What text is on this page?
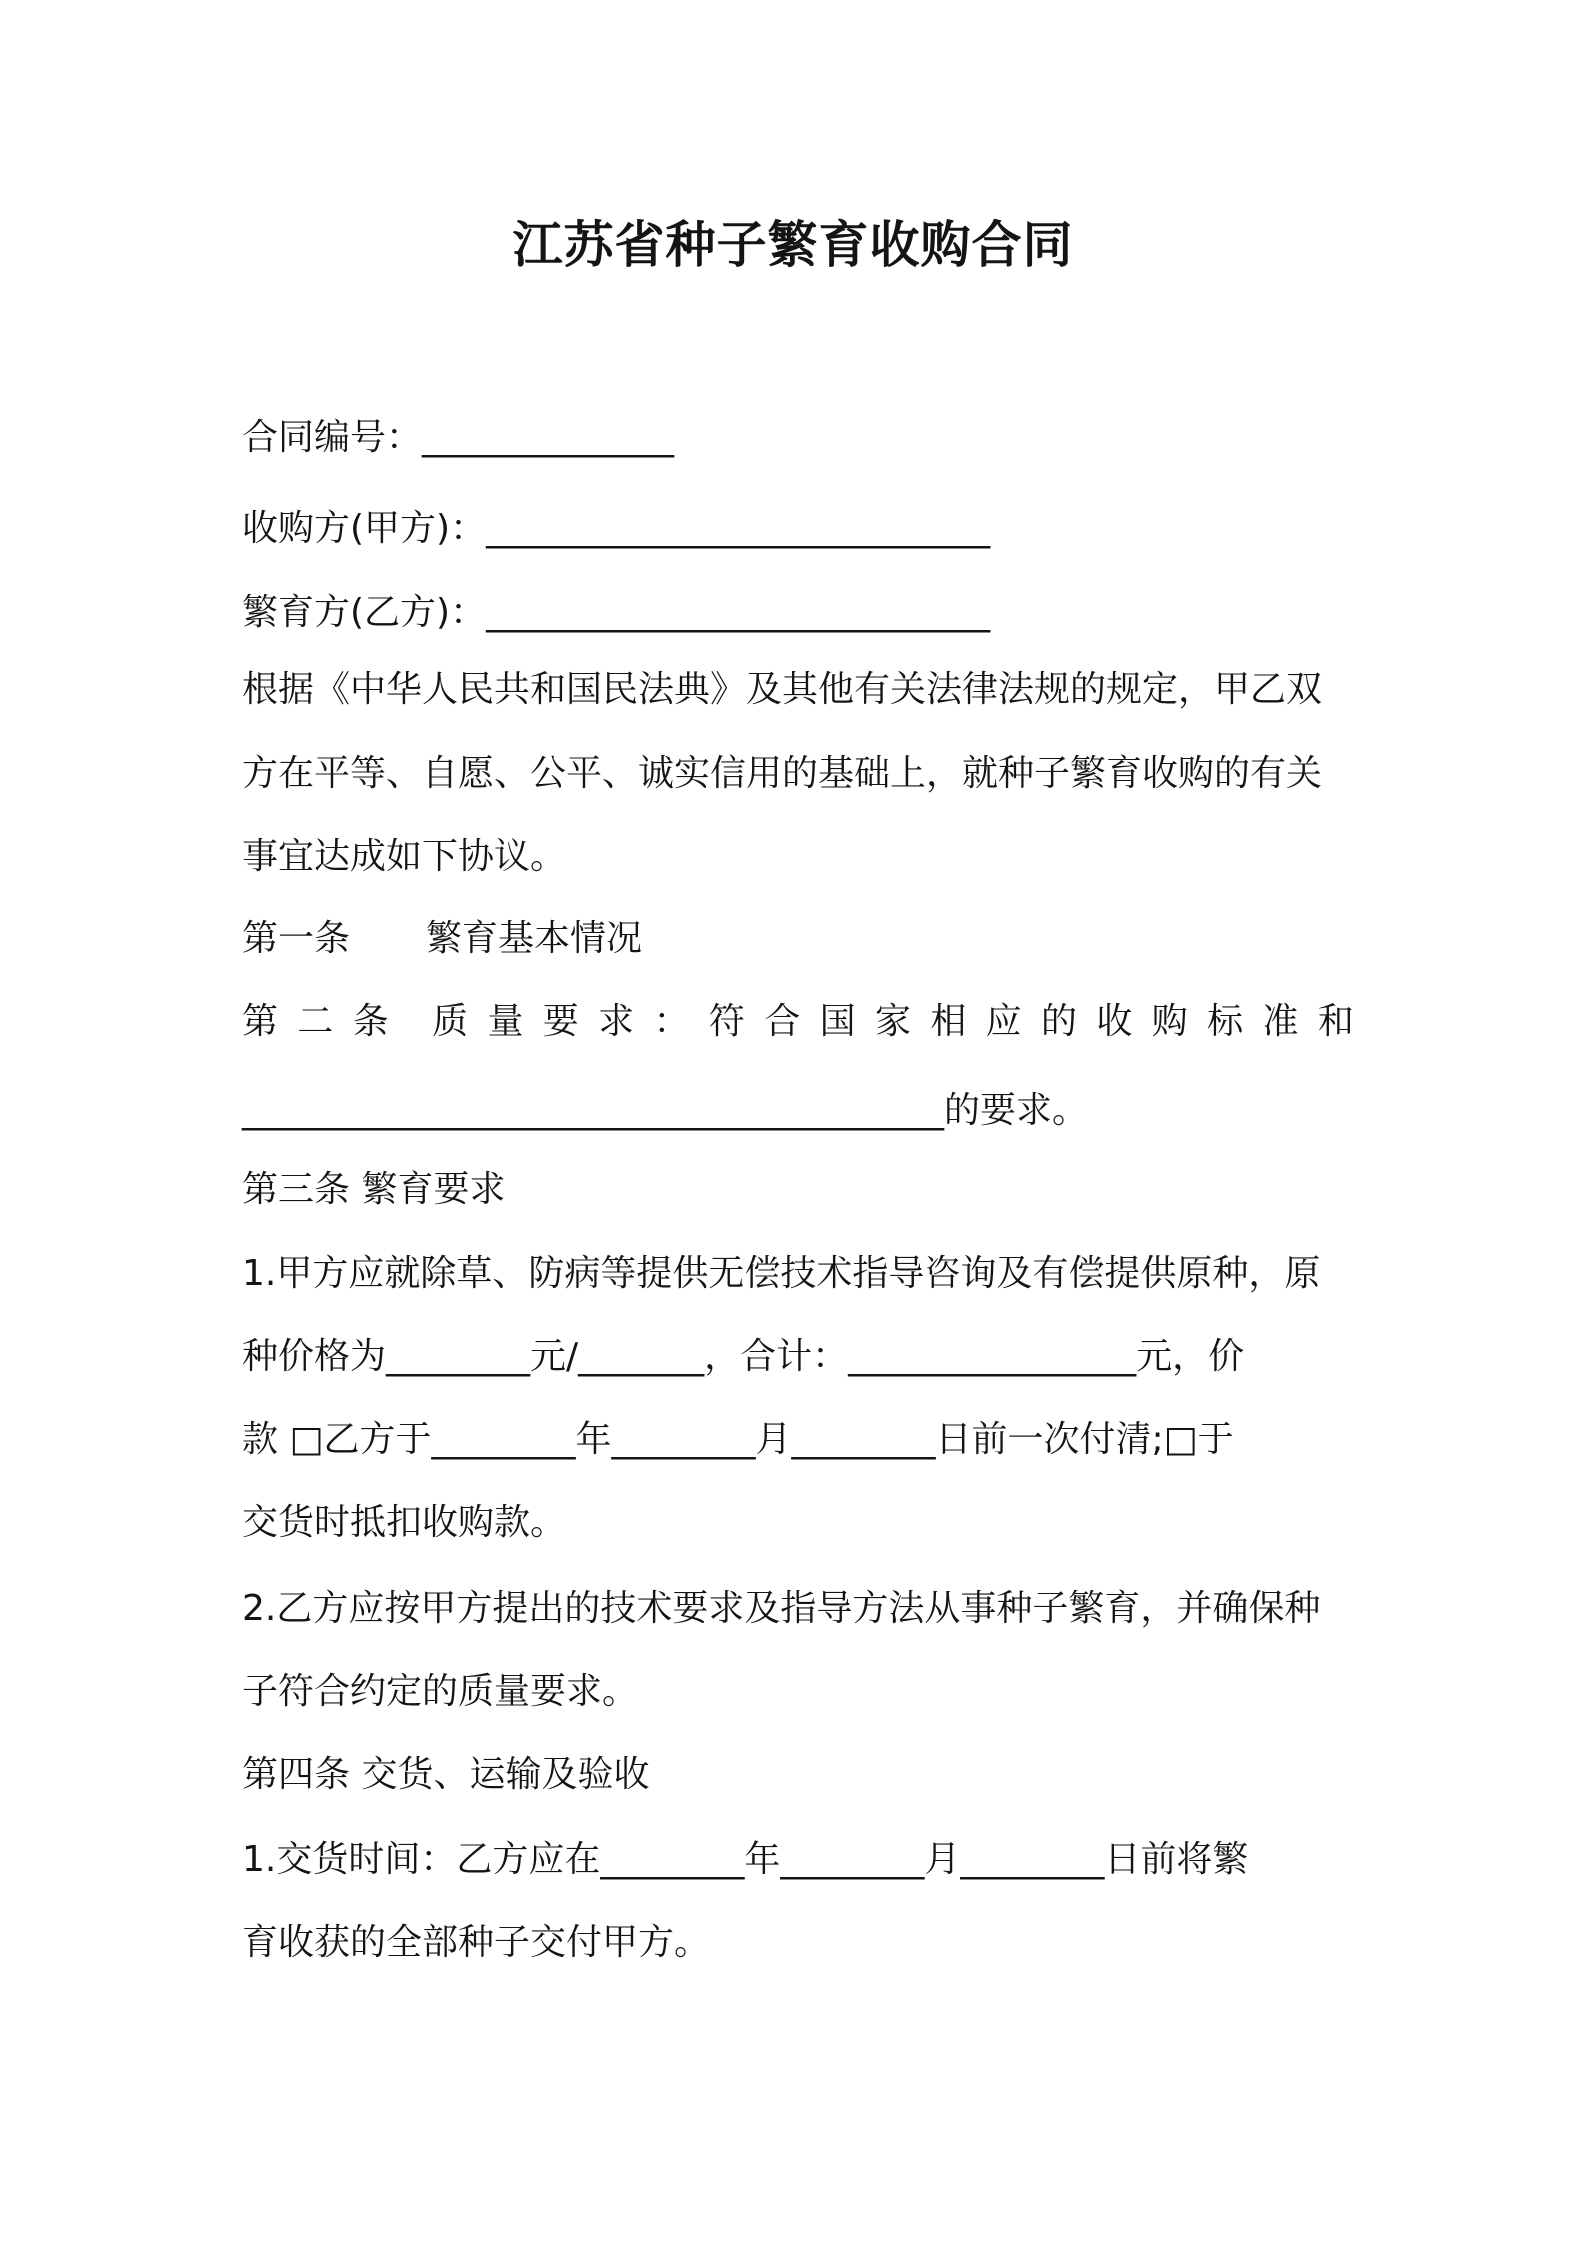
江苏省种子繁育收购合同
合同编号：______________
收购方(甲方)：____________________________
繁育方(乙方)：____________________________
根据《中华人民共和国民法典》及其他有关法律法规的规定，甲乙双
方在平等、自愿、公平、诚实信用的基础上，就种子繁育收购的有关
事宜达成如下协议。
第一条 繁育基本情况
第 二 条 质 量 要 求 ： 符 合 国 家 相 应 的 收 购 标 准 和
_______________________________________的要求。
第三条 繁育要求
1.甲方应就除草、防病等提供无偿技术指导咨询及有偿提供原种，原
种价格为________元/_______，合计：________________元，价
款 □乙方于________年________月________日前一次付清;□于
交货时抵扣收购款。
2.乙方应按甲方提出的技术要求及指导方法从事种子繁育，并确保种
子符合约定的质量要求。
第四条 交货、运输及验收
1.交货时间：乙方应在________年________月________日前将繁
育收获的全部种子交付甲方。
